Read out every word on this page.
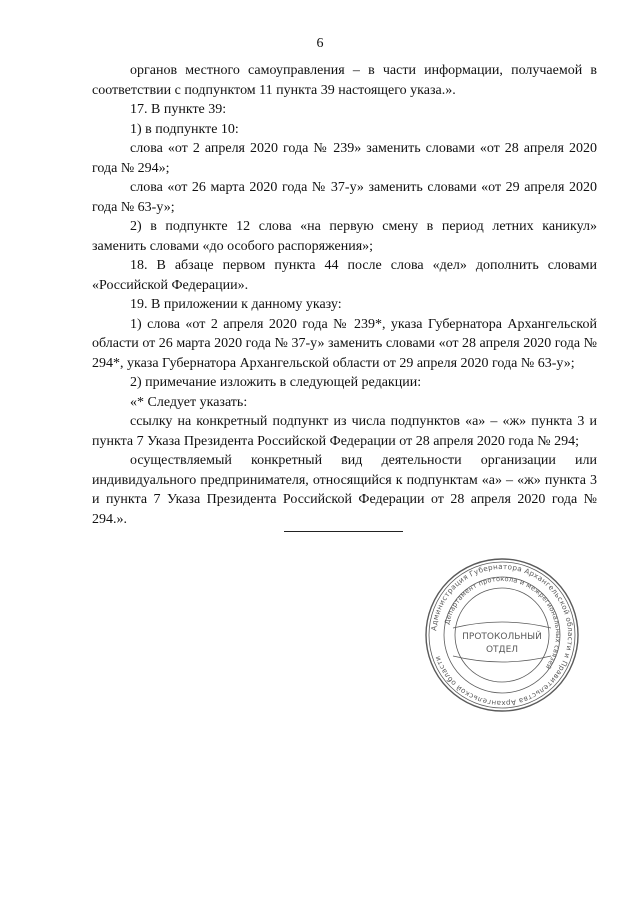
6

органов местного самоуправления – в части информации, получаемой в соответствии с подпунктом 11 пункта 39 настоящего указа.».

17. В пункте 39:

1) в подпункте 10:

слова «от 2 апреля 2020 года № 239» заменить словами «от 28 апреля 2020 года № 294»;

слова «от 26 марта 2020 года № 37-у» заменить словами «от 29 апреля 2020 года № 63-у»;

2) в подпункте 12 слова «на первую смену в период летних каникул» заменить словами «до особого распоряжения»;

18. В абзаце первом пункта 44 после слова «дел» дополнить словами «Российской Федерации».

19. В приложении к данному указу:

1) слова «от 2 апреля 2020 года № 239*, указа Губернатора Архангельской области от 26 марта 2020 года № 37-у» заменить словами «от 28 апреля 2020 года № 294*, указа Губернатора Архангельской области от 29 апреля 2020 года № 63-у»;

2) примечание изложить в следующей редакции:

«* Следует указать:

ссылку на конкретный подпункт из числа подпунктов «а» – «ж» пункта 3 и пункта 7 Указа Президента Российской Федерации от 28 апреля 2020 года № 294;

осуществляемый конкретный вид деятельности организации или индивидуального предпринимателя, относящийся к подпунктам «а» – «ж» пункта 3 и пункта 7 Указа Президента Российской Федерации от 28 апреля 2020 года № 294.».

Администрация Губернатора Архангельской области и Правительства Архангельской области
Департамент протокола и межрегиональных связей
ПРОТОКОЛЬНЫЙ
ОТДЕЛ
